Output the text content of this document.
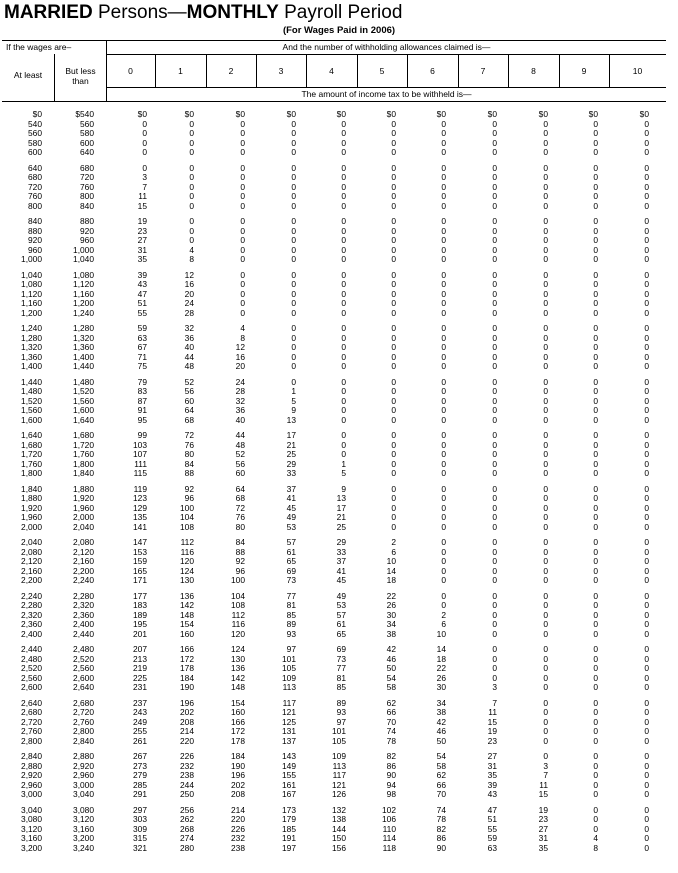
MARRIED Persons—MONTHLY Payroll Period
(For Wages Paid in 2006)
If the wages are–
At least	But less
than
And the number of withholding allowances claimed is—
The amount of income tax to be withheld is—
0	1	2	3	4	5	6	7	8	9	10
$0	$540	$0	$0	$0	$0	$0	$0	$0	$0	$0	$0	$0
540	560	0	0	0	0	0	0	0	0	0	0	0
560	580	0	0	0	0	0	0	0	0	0	0	0
580	600	0	0	0	0	0	0	0	0	0	0	0
600	640	0	0	0	0	0	0	0	0	0	0	0
640	680	0	0	0	0	0	0	0	0	0	0	0
680	720	3	0	0	0	0	0	0	0	0	0	0
720	760	7	0	0	0	0	0	0	0	0	0	0
760	800	11	0	0	0	0	0	0	0	0	0	0
800	840	15	0	0	0	0	0	0	0	0	0	0
840	880	19	0	0	0	0	0	0	0	0	0	0
880	920	23	0	0	0	0	0	0	0	0	0	0
920	960	27	0	0	0	0	0	0	0	0	0	0
960	1,000	31	4	0	0	0	0	0	0	0	0	0
1,000	1,040	35	8	0	0	0	0	0	0	0	0	0
1,040	1,080	39	12	0	0	0	0	0	0	0	0	0
1,080	1,120	43	16	0	0	0	0	0	0	0	0	0
1,120	1,160	47	20	0	0	0	0	0	0	0	0	0
1,160	1,200	51	24	0	0	0	0	0	0	0	0	0
1,200	1,240	55	28	0	0	0	0	0	0	0	0	0
1,240	1,280	59	32	4	0	0	0	0	0	0	0	0
1,280	1,320	63	36	8	0	0	0	0	0	0	0	0
1,320	1,360	67	40	12	0	0	0	0	0	0	0	0
1,360	1,400	71	44	16	0	0	0	0	0	0	0	0
1,400	1,440	75	48	20	0	0	0	0	0	0	0	0
1,440	1,480	79	52	24	0	0	0	0	0	0	0	0
1,480	1,520	83	56	28	1	0	0	0	0	0	0	0
1,520	1,560	87	60	32	5	0	0	0	0	0	0	0
1,560	1,600	91	64	36	9	0	0	0	0	0	0	0
1,600	1,640	95	68	40	13	0	0	0	0	0	0	0
1,640	1,680	99	72	44	17	0	0	0	0	0	0	0
1,680	1,720	103	76	48	21	0	0	0	0	0	0	0
1,720	1,760	107	80	52	25	0	0	0	0	0	0	0
1,760	1,800	111	84	56	29	1	0	0	0	0	0	0
1,800	1,840	115	88	60	33	5	0	0	0	0	0	0
1,840	1,880	119	92	64	37	9	0	0	0	0	0	0
1,880	1,920	123	96	68	41	13	0	0	0	0	0	0
1,920	1,960	129	100	72	45	17	0	0	0	0	0	0
1,960	2,000	135	104	76	49	21	0	0	0	0	0	0
2,000	2,040	141	108	80	53	25	0	0	0	0	0	0
2,040	2,080	147	112	84	57	29	2	0	0	0	0	0
2,080	2,120	153	116	88	61	33	6	0	0	0	0	0
2,120	2,160	159	120	92	65	37	10	0	0	0	0	0
2,160	2,200	165	124	96	69	41	14	0	0	0	0	0
2,200	2,240	171	130	100	73	45	18	0	0	0	0	0
2,240	2,280	177	136	104	77	49	22	0	0	0	0	0
2,280	2,320	183	142	108	81	53	26	0	0	0	0	0
2,320	2,360	189	148	112	85	57	30	2	0	0	0	0
2,360	2,400	195	154	116	89	61	34	6	0	0	0	0
2,400	2,440	201	160	120	93	65	38	10	0	0	0	0
2,440	2,480	207	166	124	97	69	42	14	0	0	0	0
2,480	2,520	213	172	130	101	73	46	18	0	0	0	0
2,520	2,560	219	178	136	105	77	50	22	0	0	0	0
2,560	2,600	225	184	142	109	81	54	26	0	0	0	0
2,600	2,640	231	190	148	113	85	58	30	3	0	0	0
2,640	2,680	237	196	154	117	89	62	34	7	0	0	0
2,680	2,720	243	202	160	121	93	66	38	11	0	0	0
2,720	2,760	249	208	166	125	97	70	42	15	0	0	0
2,760	2,800	255	214	172	131	101	74	46	19	0	0	0
2,800	2,840	261	220	178	137	105	78	50	23	0	0	0
2,840	2,880	267	226	184	143	109	82	54	27	0	0	0
2,880	2,920	273	232	190	149	113	86	58	31	3	0	0
2,920	2,960	279	238	196	155	117	90	62	35	7	0	0
2,960	3,000	285	244	202	161	121	94	66	39	11	0	0
3,000	3,040	291	250	208	167	126	98	70	43	15	0	0
3,040	3,080	297	256	214	173	132	102	74	47	19	0	0
3,080	3,120	303	262	220	179	138	106	78	51	23	0	0
3,120	3,160	309	268	226	185	144	110	82	55	27	0	0
3,160	3,200	315	274	232	191	150	114	86	59	31	4	0
3,200	3,240	321	280	238	197	156	118	90	63	35	8	0
